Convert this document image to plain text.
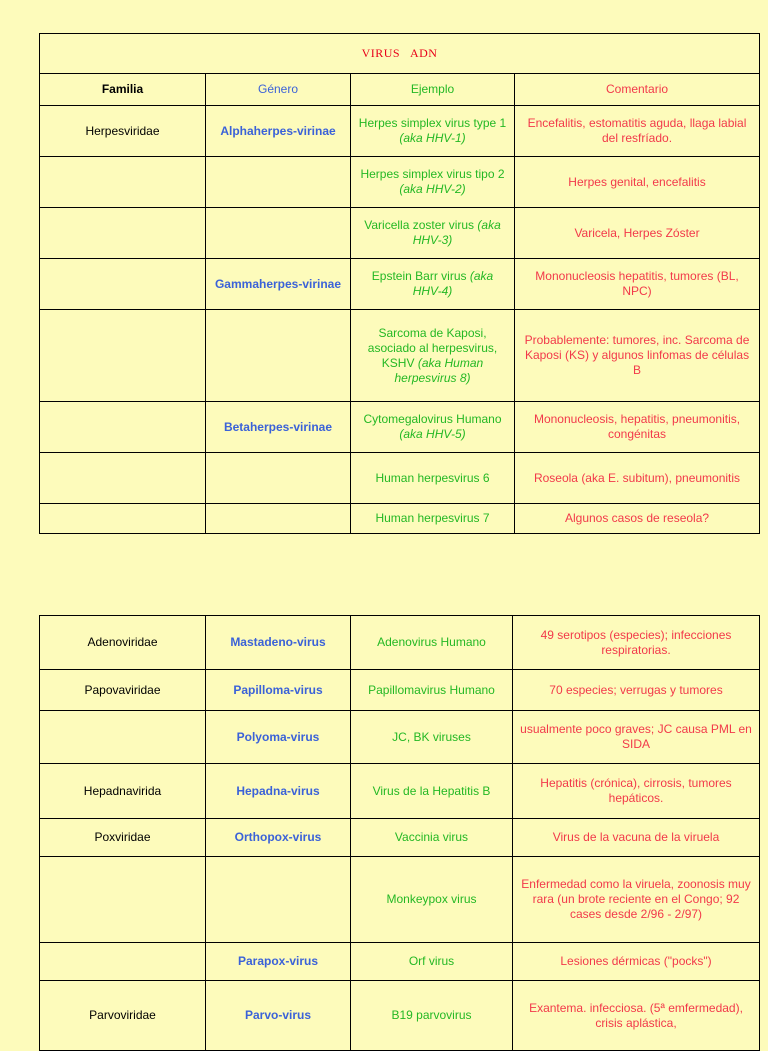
VIRUS   ADN			
Familia	Género	Ejemplo	Comentario
Herpesviridae	Alphaherpes-virinae	Herpes simplex virus type 1 (aka HHV-1)	Encefalitis, estomatitis aguda, llaga labial del resfríado.
		Herpes simplex virus tipo 2 (aka HHV-2)	Herpes genital, encefalitis
		Varicella zoster virus (aka HHV-3)	Varicela, Herpes Zóster
	Gammaherpes-virinae	Epstein Barr virus (aka HHV-4)	Mononucleosis hepatitis, tumores (BL, NPC)
		Sarcoma de Kaposi, asociado al herpesvirus, KSHV (aka Human herpesvirus 8)	Probablemente: tumores, inc. Sarcoma de Kaposi (KS) y algunos linfomas de células B
	Betaherpes-virinae	Cytomegalovirus Humano (aka HHV-5)	Mononucleosis, hepatitis, pneumonitis, congénitas
		Human herpesvirus 6	Roseola (aka E. subitum), pneumonitis
		Human herpesvirus 7	Algunos casos de reseola?
Adenoviridae	Mastadeno-virus	Adenovirus Humano	49 serotipos (especies); infecciones respiratorias.
Papovaviridae	Papilloma-virus	Papillomavirus Humano	70 especies; verrugas y tumores
	Polyoma-virus	JC, BK viruses	usualmente poco graves; JC causa PML en SIDA
Hepadnavirida	Hepadna-virus	Virus de la Hepatitis B	Hepatitis (crónica), cirrosis, tumores hepáticos.
Poxviridae	Orthopox-virus	Vaccinia virus	Virus de la vacuna de la viruela
		Monkeypox virus	Enfermedad como la viruela, zoonosis muy rara (un brote reciente en el Congo; 92 cases desde 2/96 - 2/97)
	Parapox-virus	Orf virus	Lesiones dérmicas ("pocks")
Parvoviridae	Parvo-virus	B19 parvovirus	Exantema. infecciosa. (5ª emfermedad), crisis aplástica,
